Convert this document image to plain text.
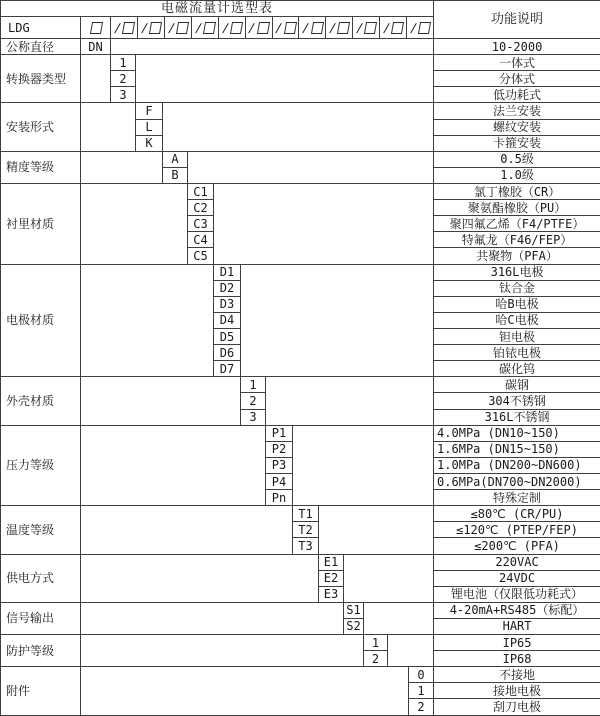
电磁流量计选型表															功能说明
LDG		/ / / / / / / / / / / /

公称直径	DN														10-2000
转换器类型		1													一体式
		2													分体式
		3													低功耗式
安装形式			F												法兰安装
			L												螺纹安装
			K												卡箍安装
精度等级				A											0.5级
				B											1.0级
衬里材质					C1										氯丁橡胶（CR）
					C2										聚氨酯橡胶（PU）
					C3										聚四氟乙烯（F4/PTFE）
					C4										特氟龙（F46/FEP）
					C5										共聚物（PFA）
电极材质						D1									316L电极
						D2									钛合金
						D3									哈B电极
						D4									哈C电极
						D5									钽电极
						D6									铂铱电极
						D7									碳化钨
外壳材质							1								碳钢
							2								304不锈钢
							3								316L不锈钢
压力等级								P1							4.0MPa (DN10~150)
								P2							1.6MPa (DN15~150)
								P3							1.0MPa (DN200~DN600)
								P4							0.6MPa(DN700~DN2000)
								Pn							特殊定制
温度等级									T1						≤80℃ (CR/PU)
									T2						≤120℃ (PTEP/FEP)
									T3						≤200℃ (PFA)
供电方式										E1					220VAC
										E2					24VDC
										E3					锂电池（仅限低功耗式）
信号输出											S1				4-20mA+RS485（标配）
											S2				HART
防护等级												1			IP65
												2			IP68
附件														0	不接地
														1	接地电极
														2	刮刀电极
